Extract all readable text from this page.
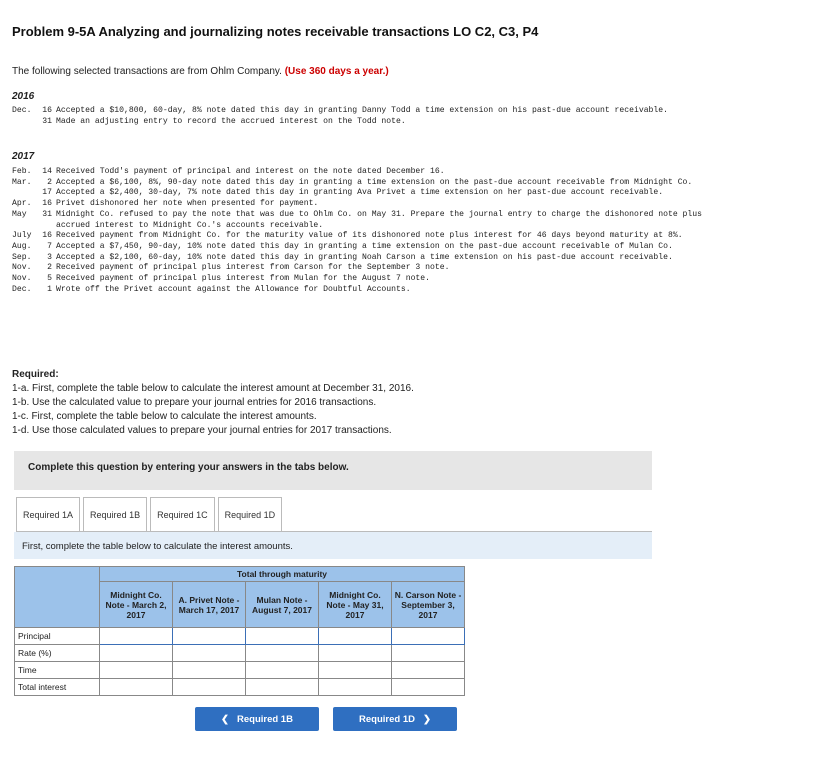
Problem 9-5A Analyzing and journalizing notes receivable transactions LO C2, C3, P4
The following selected transactions are from Ohlm Company. (Use 360 days a year.)
2016
Dec.	16 Accepted a $10,800, 60-day, 8% note dated this day in granting Danny Todd a time extension on his past-due account receivable.
31 Made an adjusting entry to record the accrued interest on the Todd note.
2017
Feb.	14 Received Todd's payment of principal and interest on the note dated December 16.
Mar.	2 Accepted a $6,100, 8%, 90-day note dated this day in granting a time extension on the past-due account receivable from Midnight Co.
17 Accepted a $2,400, 30-day, 7% note dated this day in granting Ava Privet a time extension on her past-due account receivable.
Apr.	16 Privet dishonored her note when presented for payment.
May	31 Midnight Co. refused to pay the note that was due to Ohlm Co. on May 31. Prepare the journal entry to charge the dishonored note plus accrued interest to Midnight Co.'s accounts receivable.
July	16 Received payment from Midnight Co. for the maturity value of its dishonored note plus interest for 46 days beyond maturity at 8%.
Aug.	7 Accepted a $7,450, 90-day, 10% note dated this day in granting a time extension on the past-due account receivable of Mulan Co.
Sep.	3 Accepted a $2,100, 60-day, 10% note dated this day in granting Noah Carson a time extension on his past-due account receivable.
Nov.	2 Received payment of principal plus interest from Carson for the September 3 note.
Nov.	5 Received payment of principal plus interest from Mulan for the August 7 note.
Dec.	1 Wrote off the Privet account against the Allowance for Doubtful Accounts.
Required:
1-a. First, complete the table below to calculate the interest amount at December 31, 2016.
1-b. Use the calculated value to prepare your journal entries for 2016 transactions.
1-c. First, complete the table below to calculate the interest amounts.
1-d. Use those calculated values to prepare your journal entries for 2017 transactions.
Complete this question by entering your answers in the tabs below.
Required 1A	Required 1B	Required 1C	Required 1D
First, complete the table below to calculate the interest amounts.
	Total through maturity				
	Midnight Co. Note - March 2, 2017	A. Privet Note - March 17, 2017	Mulan Note - August 7, 2017	Midnight Co. Note - May 31, 2017	N. Carson Note - September 3, 2017
Principal					
Rate (%)					
Time					
Total interest					
❮ Required 1B	Required 1D ❯
